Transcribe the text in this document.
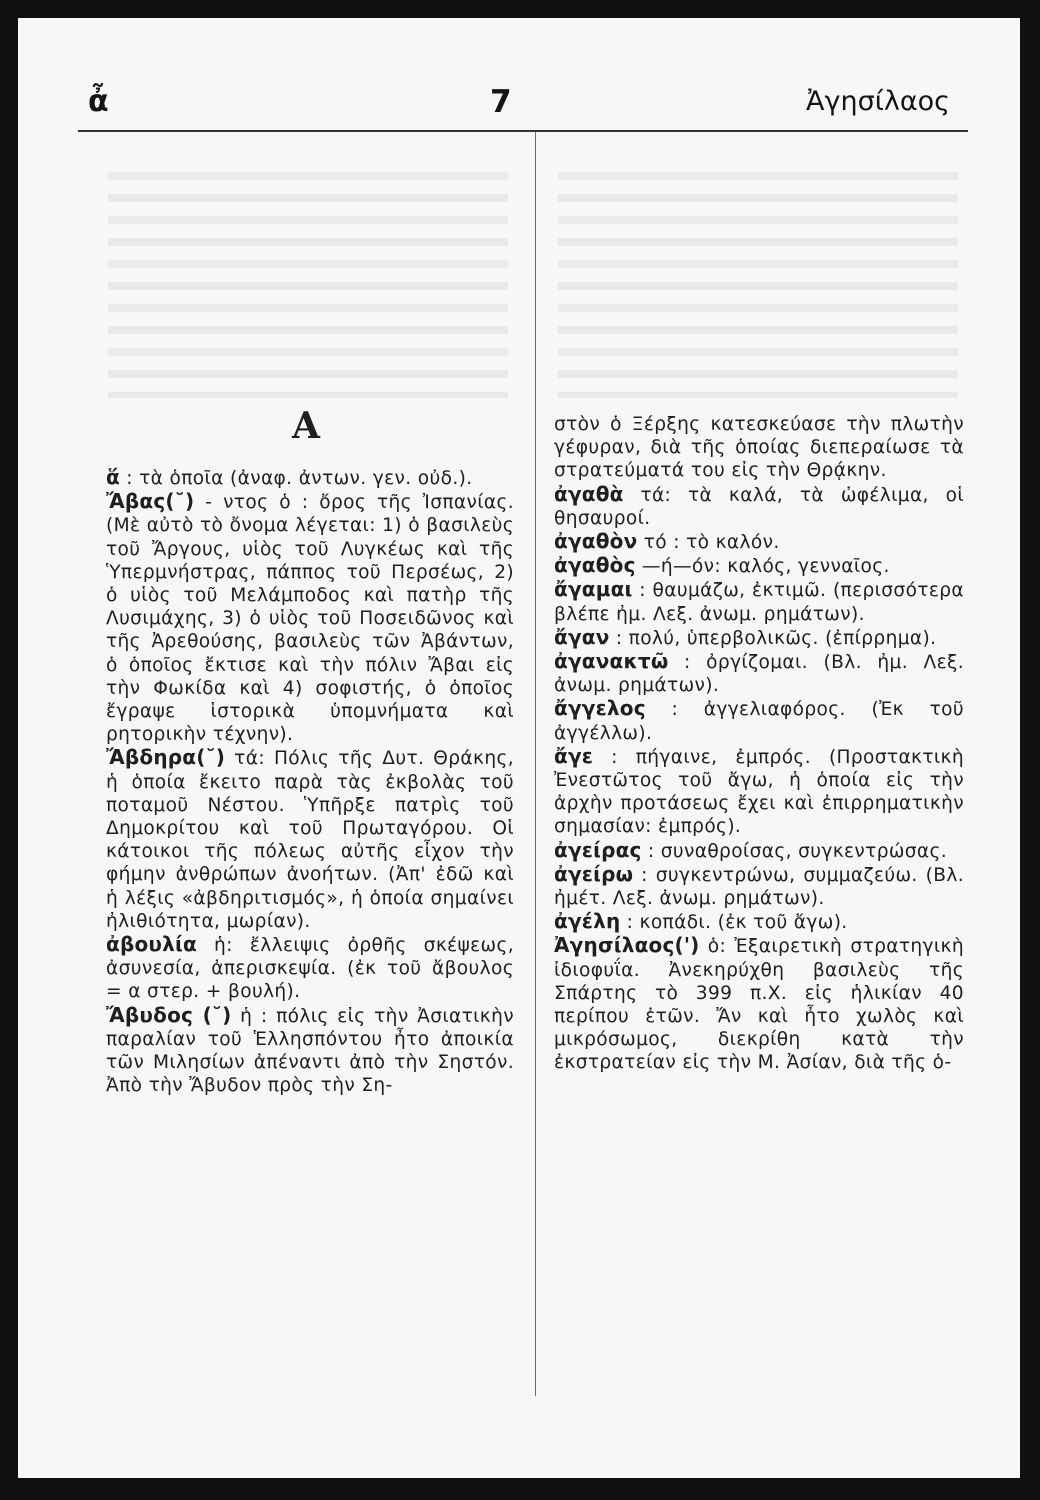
ἆ	7	Ἀγησίλαος
A

ἅ : τὰ ὁποῖα (ἀναφ. ἀντων. γεν. οὐδ.).

Ἄβας(˘) - ντος ὁ : ὄρος τῆς Ἰσπανίας. (Μὲ αὐτὸ τὸ ὄνομα λέγεται: 1) ὁ βασιλεὺς τοῦ Ἄργους, υἱὸς τοῦ Λυγκέως καὶ τῆς Ὑπερμνήστρας, πάππος τοῦ Περσέως, 2) ὁ υἱὸς τοῦ Μελάμποδος καὶ πατὴρ τῆς Λυσιμάχης, 3) ὁ υἱὸς τοῦ Ποσειδῶνος καὶ τῆς Ἀρεθούσης, βασιλεὺς τῶν Ἀβάντων, ὁ ὁποῖος ἔκτισε καὶ τὴν πόλιν Ἄβαι εἰς τὴν Φωκίδα καὶ 4) σοφιστής, ὁ ὁποῖος ἔγραψε ἱστορικὰ ὑπομνήματα καὶ ρητορικὴν τέχνην).

Ἄβδηρα(˘) τά: Πόλις τῆς Δυτ. Θράκης, ἡ ὁποία ἔκειτο παρὰ τὰς ἐκβολὰς τοῦ ποταμοῦ Νέστου. Ὑπῆρξε πατρὶς τοῦ Δημοκρίτου καὶ τοῦ Πρωταγόρου. Οἱ κάτοικοι τῆς πόλεως αὐτῆς εἶχον τὴν φήμην ἀνθρώπων ἀνοήτων. (Ἀπ' ἐδῶ καὶ ἡ λέξις «ἀβδηριτισμός», ἡ ὁποία σημαίνει ἠλιθιότητα, μωρίαν).

ἀβουλία ἡ: ἔλλειψις ὀρθῆς σκέψεως, ἀσυνεσία, ἀπερισκεψία. (ἐκ τοῦ ἄβουλος = α στερ. + βουλή).

Ἄβυδος (˘) ἡ : πόλις εἰς τὴν Ἀσιατικὴν παραλίαν τοῦ Ἑλλησπόντου ἦτο ἀποικία τῶν Μιλησίων ἀπέναντι ἀπὸ τὴν Σηστόν. Ἀπὸ τὴν Ἄβυδον πρὸς τὴν Ση-

στὸν ὁ Ξέρξης κατεσκεύασε τὴν πλωτὴν γέφυραν, διὰ τῆς ὁποίας διεπεραίωσε τὰ στρατεύματά του εἰς τὴν Θρᾴκην.

ἀγαθὰ τά: τὰ καλά, τὰ ὠφέλιμα, οἱ θησαυροί.

ἀγαθὸν τό : τὸ καλόν.

ἀγαθὸς —ή—όν: καλός, γενναῖος.

ἄγαμαι : θαυμάζω, ἐκτιμῶ. (περισσότερα βλέπε ἠμ. Λεξ. ἀνωμ. ρημάτων).

ἄγαν : πολύ, ὑπερβολικῶς. (ἐπίρρημα).

ἀγανακτῶ : ὀργίζομαι. (Βλ. ἠμ. Λεξ. ἀνωμ. ρημάτων).

ἄγγελος : ἀγγελιαφόρος. (Ἐκ τοῦ ἀγγέλλω).

ἄγε : πήγαινε, ἐμπρός. (Προστακτικὴ Ἐνεστῶτος τοῦ ἄγω, ἡ ὁποία εἰς τὴν ἀρχὴν προτάσεως ἔχει καὶ ἐπιρρηματικὴν σημασίαν: ἐμπρός).

ἀγείρας : συναθροίσας, συγκεντρώσας.

ἀγείρω : συγκεντρώνω, συμμαζεύω. (Βλ. ἠμέτ. Λεξ. ἀνωμ. ρημάτων).

ἀγέλη : κοπάδι. (ἐκ τοῦ ἄγω).

Ἀγησίλαος(') ὁ: Ἐξαιρετικὴ στρατηγικὴ ἰδιοφυΐα. Ἀνεκηρύχθη βασιλεὺς τῆς Σπάρτης τὸ 399 π.Χ. εἰς ἡλικίαν 40 περίπου ἐτῶν. Ἄν καὶ ἦτο χωλὸς καὶ μικρόσωμος, διεκρίθη κατὰ τὴν ἐκστρατείαν εἰς τὴν Μ. Ἀσίαν, διὰ τῆς ὁ-
